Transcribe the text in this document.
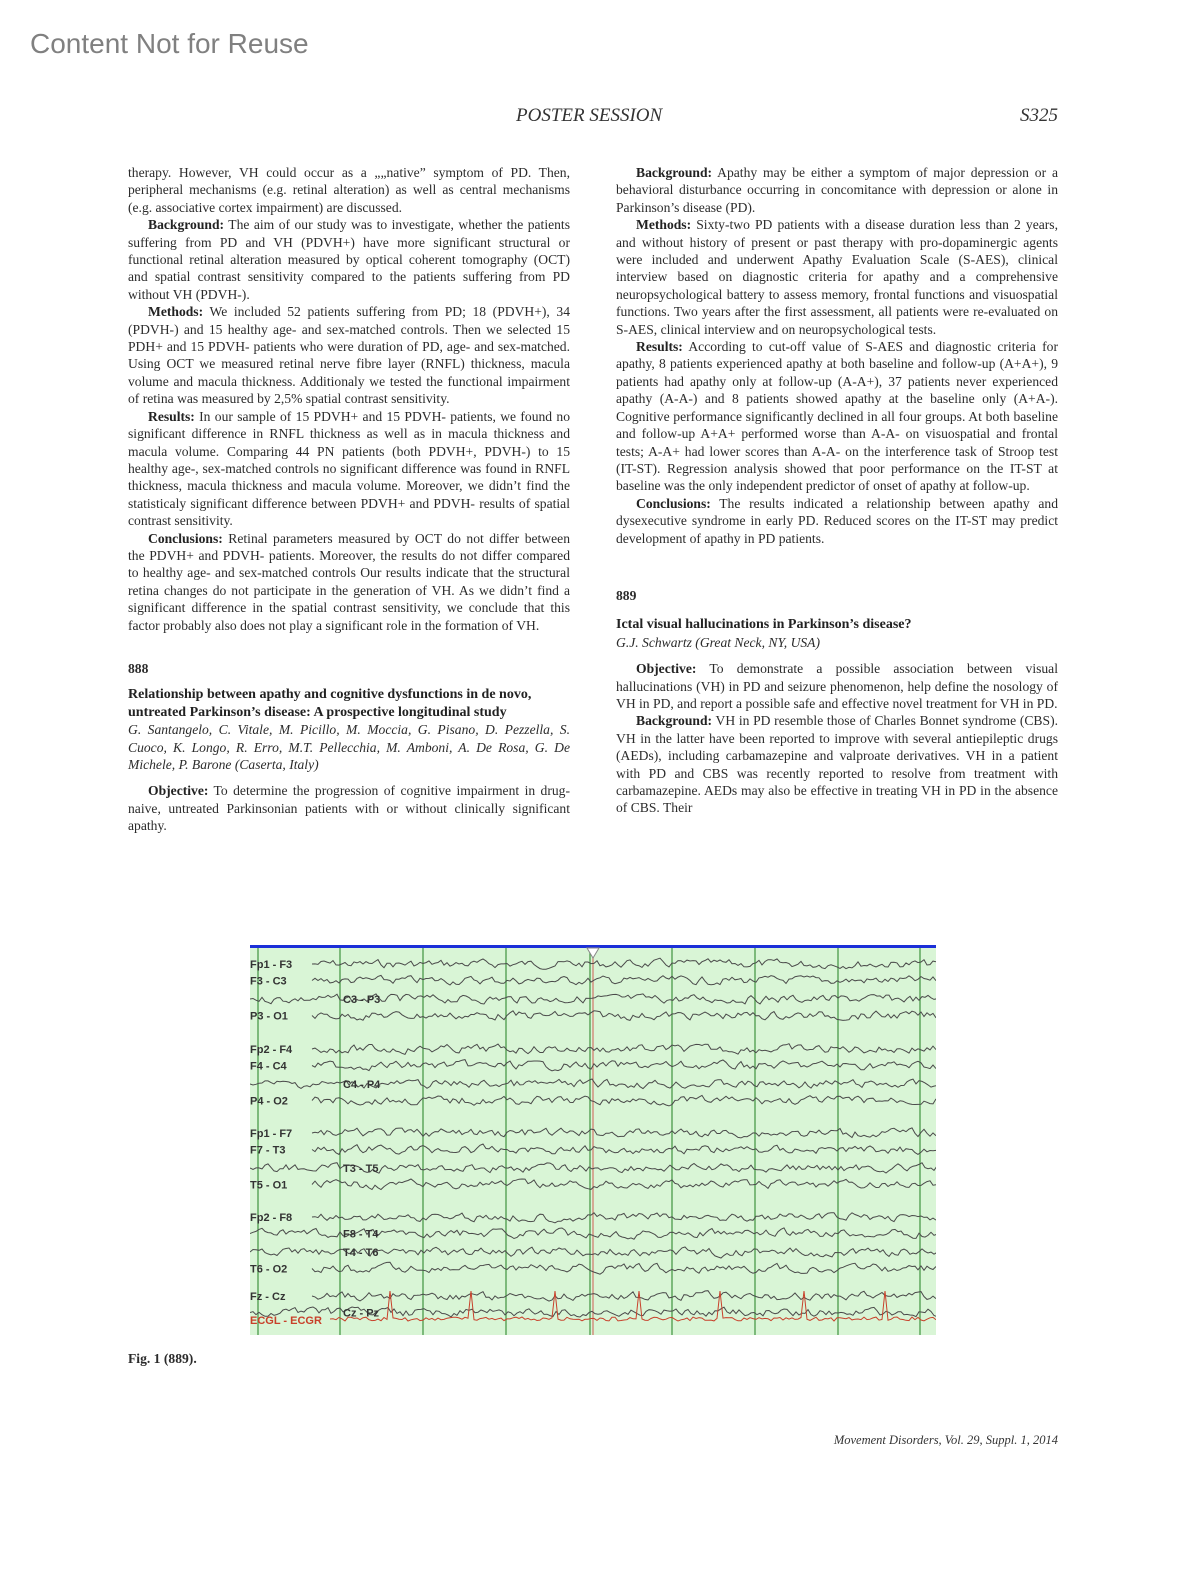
Content Not for Reuse
POSTER SESSION	S325

therapy. However, VH could occur as a „„native” symptom of PD. Then, peripheral mechanisms (e.g. retinal alteration) as well as central mechanisms (e.g. associative cortex impairment) are discussed.

Background: The aim of our study was to investigate, whether the patients suffering from PD and VH (PDVH+) have more significant structural or functional retinal alteration measured by optical coherent tomography (OCT) and spatial contrast sensitivity compared to the patients suffering from PD without VH (PDVH-).

Methods: We included 52 patients suffering from PD; 18 (PDVH+), 34 (PDVH-) and 15 healthy age- and sex-matched controls. Then we selected 15 PDH+ and 15 PDVH- patients who were duration of PD, age- and sex-matched. Using OCT we measured retinal nerve fibre layer (RNFL) thickness, macula volume and macula thickness. Additionaly we tested the functional impairment of retina was measured by 2,5% spatial contrast sensitivity.

Results: In our sample of 15 PDVH+ and 15 PDVH- patients, we found no significant difference in RNFL thickness as well as in macula thickness and macula volume. Comparing 44 PN patients (both PDVH+, PDVH-) to 15 healthy age-, sex-matched controls no significant difference was found in RNFL thickness, macula thickness and macula volume. Moreover, we didn’t find the statisticaly significant difference between PDVH+ and PDVH- results of spatial contrast sensitivity.

Conclusions: Retinal parameters measured by OCT do not differ between the PDVH+ and PDVH- patients. Moreover, the results do not differ compared to healthy age- and sex-matched controls Our results indicate that the structural retina changes do not participate in the generation of VH. As we didn’t find a significant difference in the spatial contrast sensitivity, we conclude that this factor probably also does not play a significant role in the formation of VH.

888

Relationship between apathy and cognitive dysfunctions in de novo, untreated Parkinson’s disease: A prospective longitudinal study

G. Santangelo, C. Vitale, M. Picillo, M. Moccia, G. Pisano, D. Pezzella, S. Cuoco, K. Longo, R. Erro, M.T. Pellecchia, M. Amboni, A. De Rosa, G. De Michele, P. Barone (Caserta, Italy)

Objective: To determine the progression of cognitive impairment in drug-naive, untreated Parkinsonian patients with or without clinically significant apathy.

Background: Apathy may be either a symptom of major depression or a behavioral disturbance occurring in concomitance with depression or alone in Parkinson’s disease (PD).

Methods: Sixty-two PD patients with a disease duration less than 2 years, and without history of present or past therapy with pro-dopaminergic agents were included and underwent Apathy Evaluation Scale (S-AES), clinical interview based on diagnostic criteria for apathy and a comprehensive neuropsychological battery to assess memory, frontal functions and visuospatial functions. Two years after the first assessment, all patients were re-evaluated on S-AES, clinical interview and on neuropsychological tests.

Results: According to cut-off value of S-AES and diagnostic criteria for apathy, 8 patients experienced apathy at both baseline and follow-up (A+A+), 9 patients had apathy only at follow-up (A-A+), 37 patients never experienced apathy (A-A-) and 8 patients showed apathy at the baseline only (A+A-). Cognitive performance significantly declined in all four groups. At both baseline and follow-up A+A+ performed worse than A-A- on visuospatial and frontal tests; A-A+ had lower scores than A-A- on the interference task of Stroop test (IT-ST). Regression analysis showed that poor performance on the IT-ST at baseline was the only independent predictor of onset of apathy at follow-up.

Conclusions: The results indicated a relationship between apathy and dysexecutive syndrome in early PD. Reduced scores on the IT-ST may predict development of apathy in PD patients.

889

Ictal visual hallucinations in Parkinson’s disease?

G.J. Schwartz (Great Neck, NY, USA)

Objective: To demonstrate a possible association between visual hallucinations (VH) in PD and seizure phenomenon, help define the nosology of VH in PD, and report a possible safe and effective novel treatment for VH in PD.

Background: VH in PD resemble those of Charles Bonnet syndrome (CBS). VH in the latter have been reported to improve with several antiepileptic drugs (AEDs), including carbamazepine and valproate derivatives. VH in a patient with PD and CBS was recently reported to resolve from treatment with carbamazepine. AEDs may also be effective in treating VH in PD in the absence of CBS. Their

Fp1 - F3
F3 - C3
C3 - P3
P3 - O1
Fp2 - F4
F4 - C4
C4 - P4
P4 - O2
Fp1 - F7
F7 - T3
T3 - T5
T5 - O1
Fp2 - F8
F8 - T4
T4 - T6
T6 - O2
Fz - Cz
Cz - Pz
ECGL - ECGR
Fig. 1 (889).
Movement Disorders, Vol. 29, Suppl. 1, 2014
